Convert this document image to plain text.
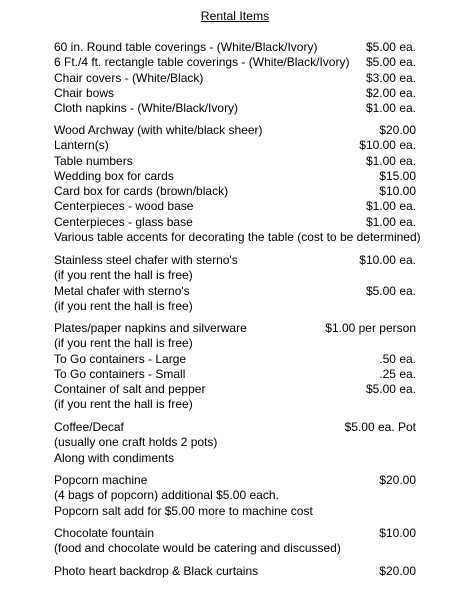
Rental Items
60 in. Round table coverings - (White/Black/Ivory)	$5.00 ea.
6 Ft./4 ft. rectangle table coverings - (White/Black/Ivory) $5.00 ea.
Chair covers - (White/Black)	$3.00 ea.
Chair bows	$2.00 ea.
Cloth napkins - (White/Black/Ivory)	$1.00 ea.
Wood Archway (with white/black sheer)	$20.00
Lantern(s)	$10.00 ea.
Table numbers	$1.00 ea.
Wedding box for cards	$15.00
Card box for cards (brown/black)	$10.00
Centerpieces - wood base	$1.00 ea.
Centerpieces - glass base	$1.00 ea.
Various table accents for decorating the table (cost to be determined)
Stainless steel chafer with sterno's	$10.00 ea.
(if you rent the hall is free)
Metal chafer with sterno's	$5.00 ea.
(if you rent the hall is free)
Plates/paper napkins and silverware	$1.00 per person
(if you rent the hall is free)
To Go containers - Large	.50 ea.
To Go containers - Small	.25 ea.
Container of salt and pepper	$5.00 ea.
(if you rent the hall is free)
Coffee/Decaf	$5.00 ea. Pot
(usually one craft holds 2 pots)
Along with condiments
Popcorn machine	$20.00
(4 bags of popcorn) additional $5.00 each.
Popcorn salt add for $5.00 more to machine cost
Chocolate fountain	$10.00
(food and chocolate would be catering and discussed)
Photo heart backdrop & Black curtains	$20.00
